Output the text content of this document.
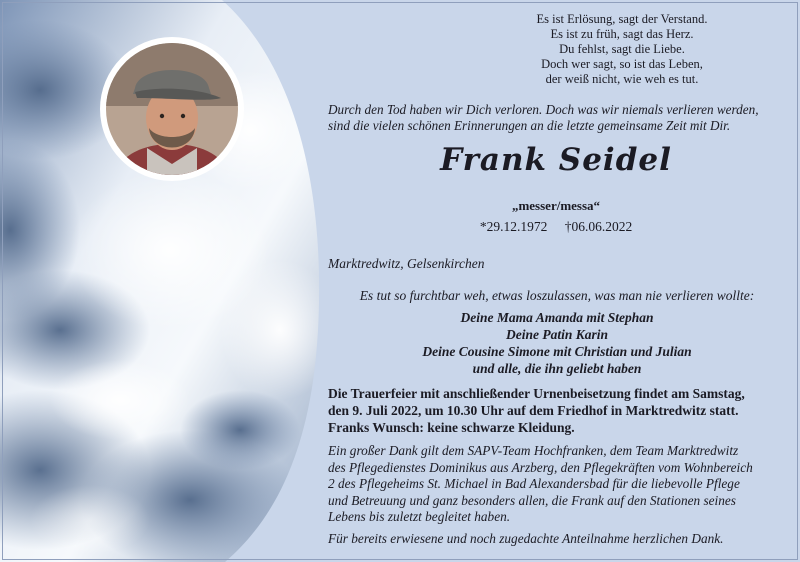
Es ist Erlösung, sagt der Verstand.
Es ist zu früh, sagt das Herz.
Du fehlst, sagt die Liebe.
Doch wer sagt, so ist das Leben,
der weiß nicht, wie weh es tut.
Durch den Tod haben wir Dich verloren. Doch was wir niemals verlieren werden,
sind die vielen schönen Erinnerungen an die letzte gemeinsame Zeit mit Dir.
Frank Seidel
„messer/messa“
*29.12.1972 †06.06.2022
Marktredwitz, Gelsenkirchen
Es tut so furchtbar weh, etwas loszulassen, was man nie verlieren wollte:
Deine Mama Amanda mit Stephan
Deine Patin Karin
Deine Cousine Simone mit Christian und Julian
und alle, die ihn geliebt haben
Die Trauerfeier mit anschließender Urnenbeisetzung findet am Samstag,
den 9. Juli 2022, um 10.30 Uhr auf dem Friedhof in Marktredwitz statt.
Franks Wunsch: keine schwarze Kleidung.
Ein großer Dank gilt dem SAPV-Team Hochfranken, dem Team Marktredwitz
des Pflegedienstes Dominikus aus Arzberg, den Pflegekräften vom Wohnbereich
2 des Pflegeheims St. Michael in Bad Alexandersbad für die liebevolle Pflege
und Betreuung und ganz besonders allen, die Frank auf den Stationen seines
Lebens bis zuletzt begleitet haben.
Für bereits erwiesene und noch zugedachte Anteilnahme herzlichen Dank.
